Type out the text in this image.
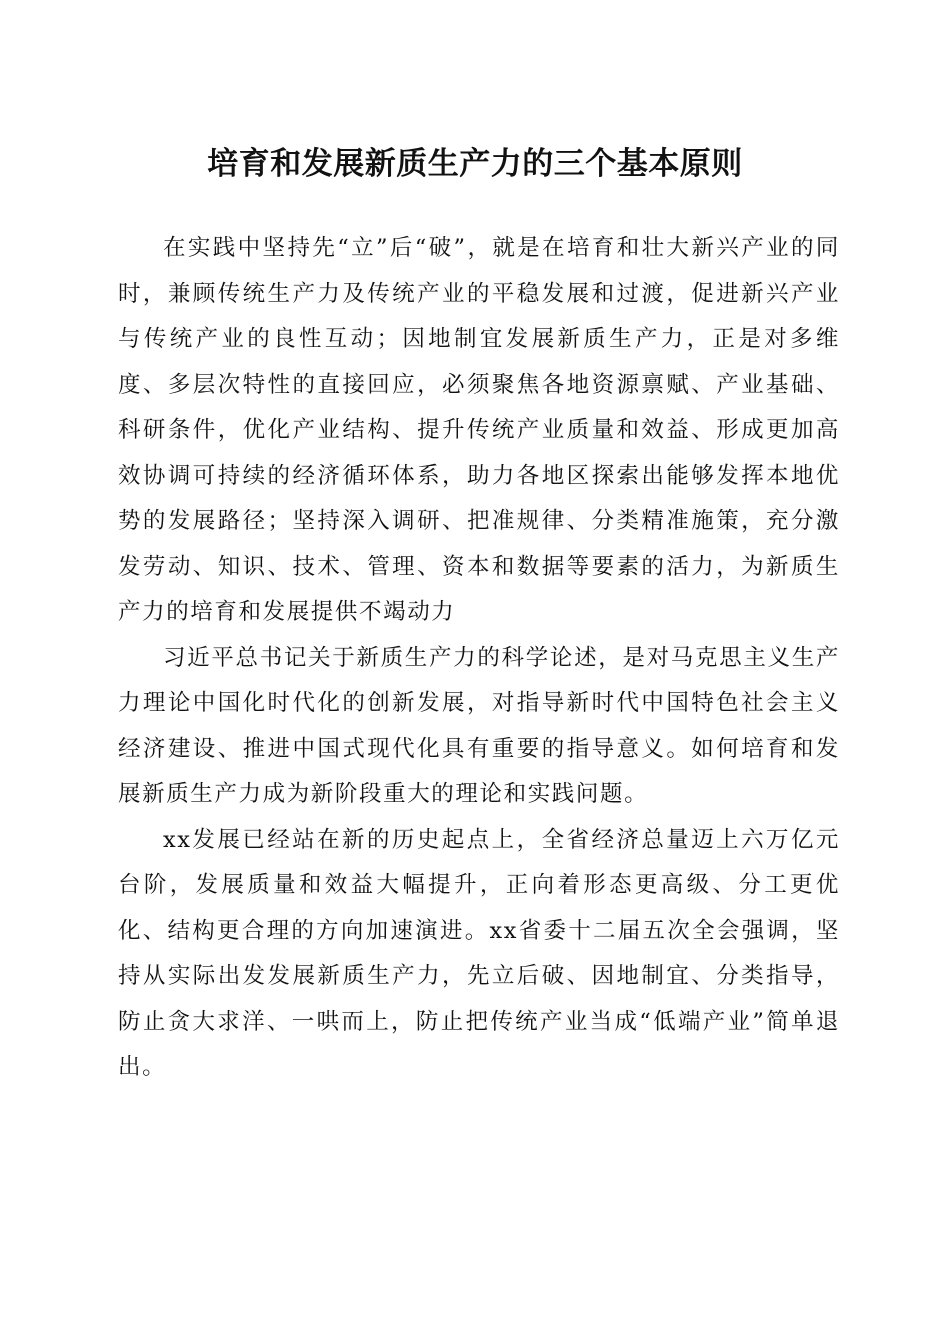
培育和发展新质生产力的三个基本原则

在实践中坚持先“立”后“破”，就是在培育和壮大新兴产业的同时，兼顾传统生产力及传统产业的平稳发展和过渡，促进新兴产业与传统产业的良性互动；因地制宜发展新质生产力，正是对多维度、多层次特性的直接回应，必须聚焦各地资源禀赋、产业基础、科研条件，优化产业结构、提升传统产业质量和效益、形成更加高效协调可持续的经济循环体系，助力各地区探索出能够发挥本地优势的发展路径；坚持深入调研、把准规律、分类精准施策，充分激发劳动、知识、技术、管理、资本和数据等要素的活力，为新质生产力的培育和发展提供不竭动力

习近平总书记关于新质生产力的科学论述，是对马克思主义生产力理论中国化时代化的创新发展，对指导新时代中国特色社会主义经济建设、推进中国式现代化具有重要的指导意义。如何培育和发展新质生产力成为新阶段重大的理论和实践问题。

xx发展已经站在新的历史起点上，全省经济总量迈上六万亿元台阶，发展质量和效益大幅提升，正向着形态更高级、分工更优化、结构更合理的方向加速演进。xx省委十二届五次全会强调，坚持从实际出发发展新质生产力，先立后破、因地制宜、分类指导，防止贪大求洋、一哄而上，防止把传统产业当成“低端产业”简单退出。
